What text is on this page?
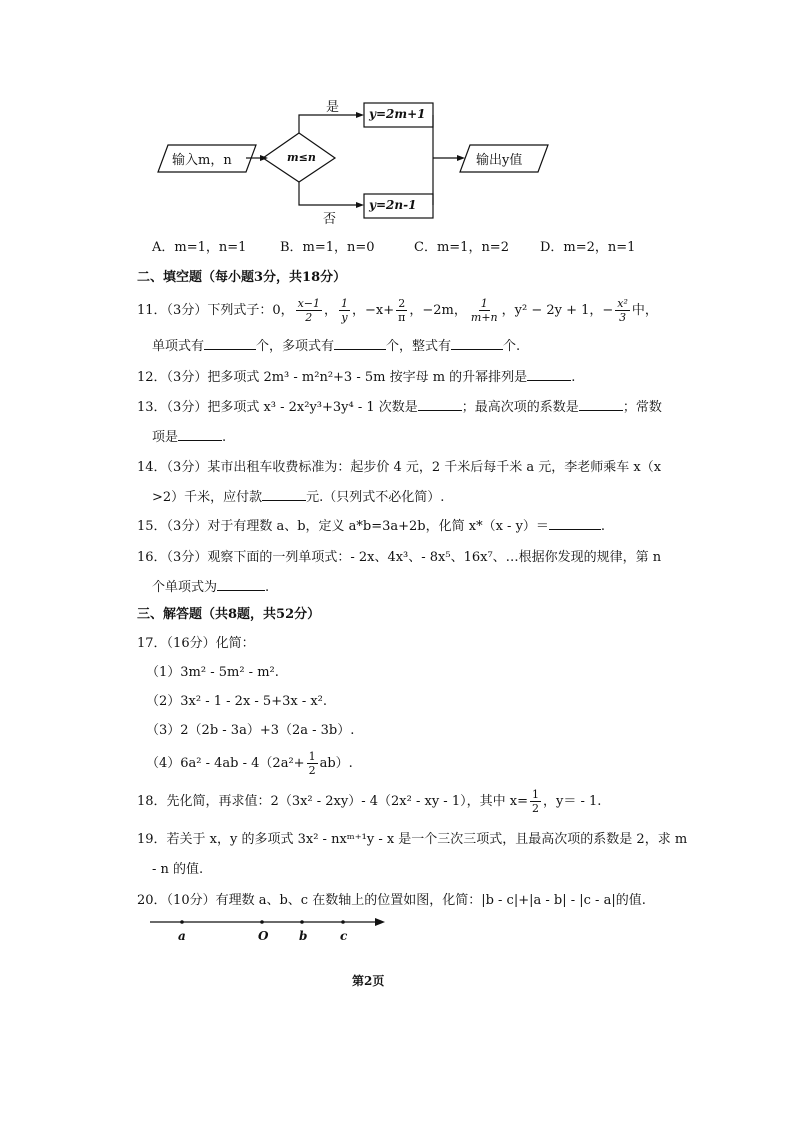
输入m，n	m≤n
是
否
y=2m+1
y=2n-1
输出y值
A．m=1，n=1	B．m=1，n=0	C．m=1，n=2 D．m=2，n=1
二、填空题（每小题3分，共18分）
11．（3分）下列式子：0， $\frac{x-1}{2}$ ， $\frac{1}{y}$ ，$-x+ \frac{2}{\pi}$ ，−2m， $\frac{1}{m+n}$ ，y² − 2y + 1，− $\frac{\text{x²}}{3}$ 中，
单项式有	个，多项式有	个，整式有	个.
12．（3分）把多项式 2m³ - m²n²+3 - 5m 按字母 m 的升幂排列是	.
13．（3分）把多项式 x³ - 2x²y³+3y⁴ - 1 次数是	；最高次项的系数是	；常数
项是	.
14．（3分）某市出租车收费标准为：起步价 4 元，2 千米后每千米 a 元，李老师乘车 x（x
>2）千米，应付款	元.（只列式不必化简）.
15．（3分）对于有理数 a、b，定义 a*b=3a+2b，化简 x*（x - y）＝	.
16．（3分）观察下面的一列单项式：- 2x、4x³、- 8x⁵、16x⁷、…根据你发现的规律，第 n
个单项式为	.
三、解答题（共8题，共52分）
17．（16分）化简：
（1）3m² - 5m² - m².
（2）3x² - 1 - 2x - 5+3x - x².
（3）2（2b - 3a）+3（2a - 3b）.
$(4)6a^2 - 4ab - 4(2a^2+ \frac{1}{2} ab)$.
18．先化简，再求值：2（3x² - 2xy）- 4（2x² - xy - 1），其中 $x= \frac{1}{2}$ ，y＝ - 1.
19．若关于 x，y 的多项式 3x² - nxᵐ⁺¹y - x 是一个三次三项式，且最高次项的系数是 2，求 m
- n 的值.
20．（10分）有理数 a、b、c 在数轴上的位置如图，化简：|b - c|+|a - b| - |c - a|的值.
a	O	b	c
第2页
